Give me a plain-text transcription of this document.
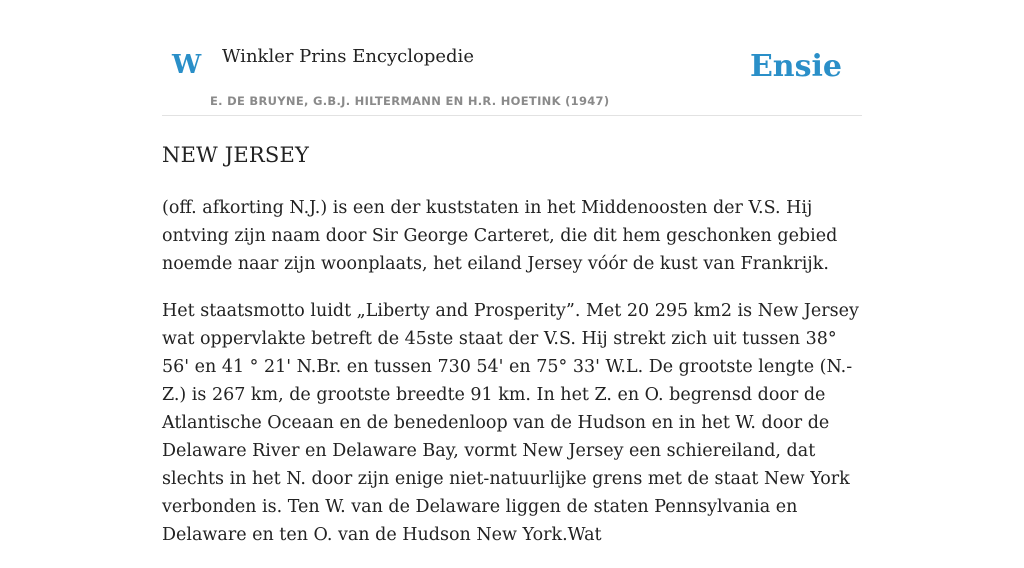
W Winkler Prins Encyclopedie
E. DE BRUYNE, G.B.J. HILTERMANN EN H.R. HOETINK (1947)
Ensie
NEW JERSEY

(off. afkorting N.J.) is een der kuststaten in het Middenoosten der V.S. Hij ontving zijn naam door Sir George Carteret, die dit hem geschonken gebied noemde naar zijn woonplaats, het eiland Jersey vóór de kust van Frankrijk.

Het staatsmotto luidt „Liberty and Prosperity”. Met 20 295 km2 is New Jersey wat oppervlakte betreft de 45ste staat der V.S. Hij strekt zich uit tussen 38° 56' en 41 ° 21' N.Br. en tussen 730 54' en 75° 33' W.L. De grootste lengte (N.-Z.) is 267 km, de grootste breedte 91 km. In het Z. en O. begrensd door de Atlantische Oceaan en de benedenloop van de Hudson en in het W. door de Delaware River en Delaware Bay, vormt New Jersey een schiereiland, dat slechts in het N. door zijn enige niet-natuurlijke grens met de staat New York verbonden is. Ten W. van de Delaware liggen de staten Pennsylvania en Delaware en ten O. van de Hudson New York.Wat
